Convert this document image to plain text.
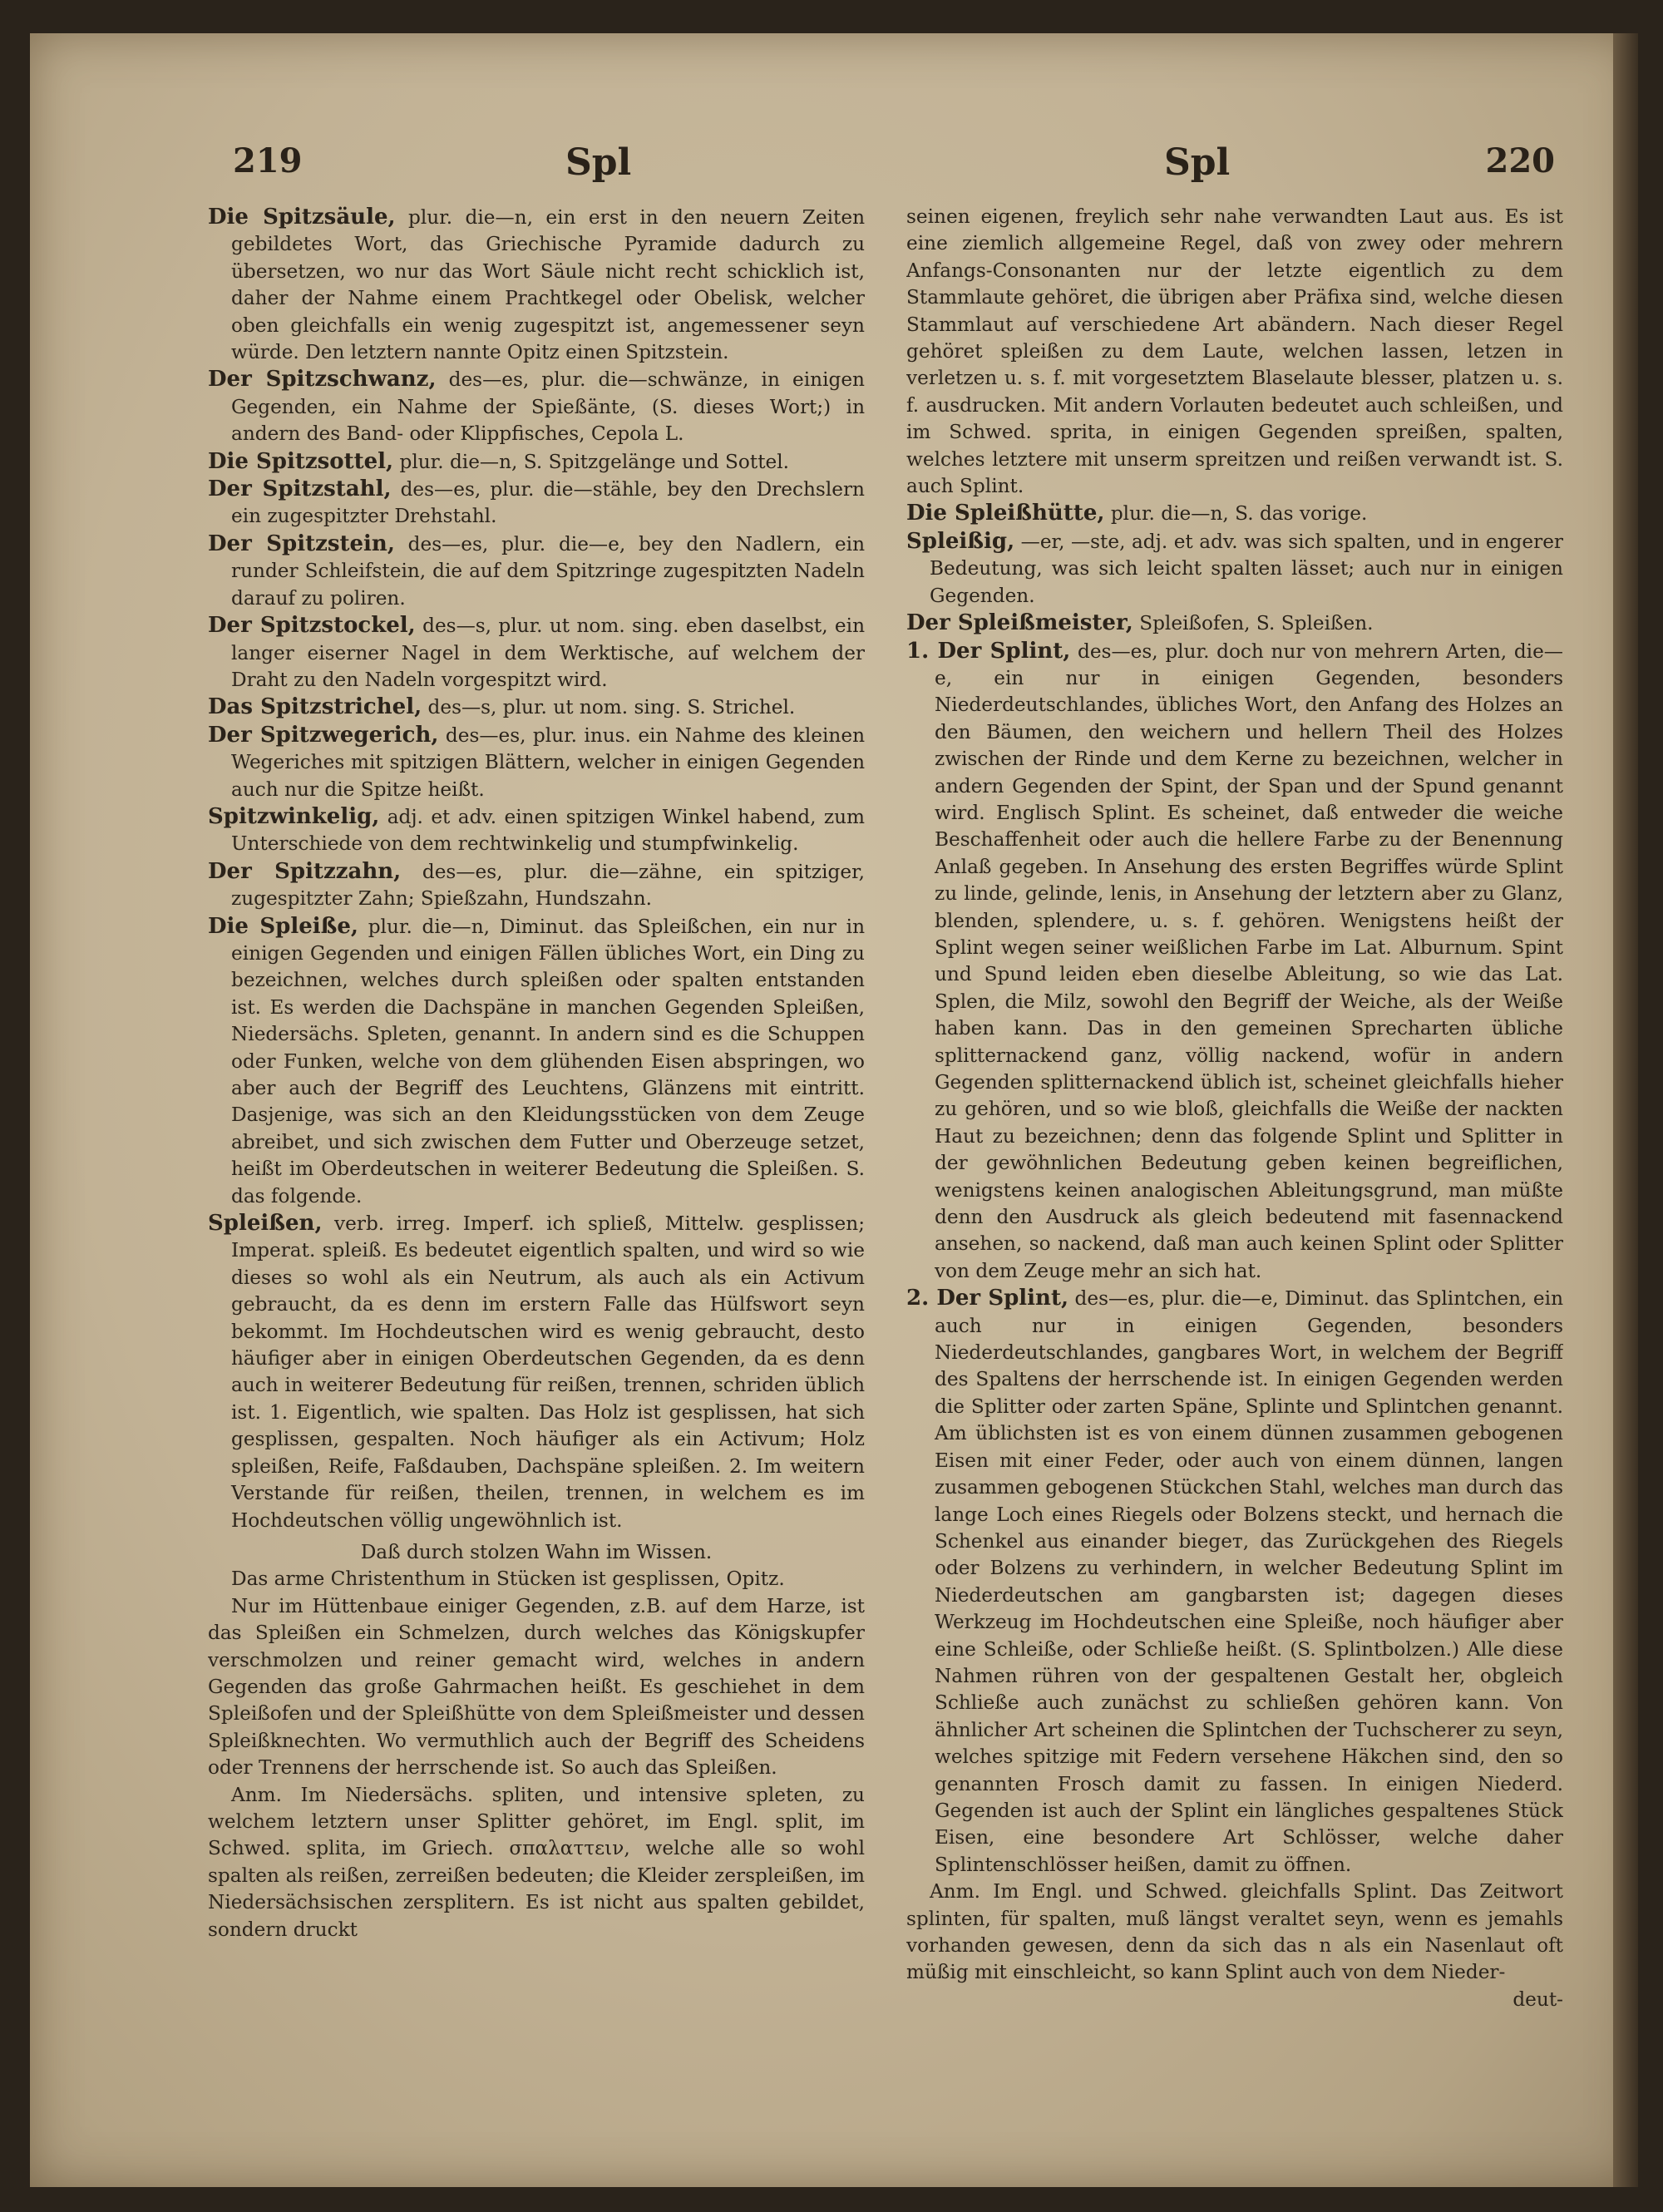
219	Spl	Spl	220

Die Spitzsäule, plur. die—n, ein erst in den neuern Zeiten gebildetes Wort, das Griechische Pyramide dadurch zu übersetzen, wo nur das Wort Säule nicht recht schicklich ist, daher der Nahme einem Prachtkegel oder Obelisk, welcher oben gleichfalls ein wenig zugespitzt ist, angemessener seyn würde. Den letztern nannte Opitz einen Spitzstein.

Der Spitzschwanz, des—es, plur. die—schwänze, in einigen Gegenden, ein Nahme der Spießänte, (S. dieses Wort;) in andern des Band- oder Klippfisches, Cepola L.

Die Spitzsottel, plur. die—n, S. Spitzgelänge und Sottel.

Der Spitzstahl, des—es, plur. die—stähle, bey den Drechslern ein zugespitzter Drehstahl.

Der Spitzstein, des—es, plur. die—e, bey den Nadlern, ein runder Schleifstein, die auf dem Spitzringe zugespitzten Nadeln darauf zu poliren.

Der Spitzstockel, des—s, plur. ut nom. sing. eben daselbst, ein langer eiserner Nagel in dem Werktische, auf welchem der Draht zu den Nadeln vorgespitzt wird.

Das Spitzstrichel, des—s, plur. ut nom. sing. S. Strichel.

Der Spitzwegerich, des—es, plur. inus. ein Nahme des kleinen Wegeriches mit spitzigen Blättern, welcher in einigen Gegenden auch nur die Spitze heißt.

Spitzwinkelig, adj. et adv. einen spitzigen Winkel habend, zum Unterschiede von dem rechtwinkelig und stumpfwinkelig.

Der Spitzzahn, des—es, plur. die—zähne, ein spitziger, zugespitzter Zahn; Spießzahn, Hundszahn.

Die Spleiße, plur. die—n, Diminut. das Spleißchen, ein nur in einigen Gegenden und einigen Fällen übliches Wort, ein Ding zu bezeichnen, welches durch spleißen oder spalten entstanden ist. Es werden die Dachspäne in manchen Gegenden Spleißen, Niedersächs. Spleten, genannt. In andern sind es die Schuppen oder Funken, welche von dem glühenden Eisen abspringen, wo aber auch der Begriff des Leuchtens, Glänzens mit eintritt. Dasjenige, was sich an den Kleidungsstücken von dem Zeuge abreibet, und sich zwischen dem Futter und Oberzeuge setzet, heißt im Oberdeutschen in weiterer Bedeutung die Spleißen. S. das folgende.

Spleißen, verb. irreg. Imperf. ich spließ, Mittelw. gesplissen; Imperat. spleiß. Es bedeutet eigentlich spalten, und wird so wie dieses so wohl als ein Neutrum, als auch als ein Activum gebraucht, da es denn im erstern Falle das Hülfswort seyn bekommt. Im Hochdeutschen wird es wenig gebraucht, desto häufiger aber in einigen Oberdeutschen Gegenden, da es denn auch in weiterer Bedeutung für reißen, trennen, schriden üblich ist. 1. Eigentlich, wie spalten. Das Holz ist gesplissen, hat sich gesplissen, gespalten. Noch häufiger als ein Activum; Holz spleißen, Reife, Faßdauben, Dachspäne spleißen. 2. Im weitern Verstande für reißen, theilen, trennen, in welchem es im Hochdeutschen völlig ungewöhnlich ist.

Daß durch stolzen Wahn im Wissen.

Das arme Christenthum in Stücken ist gesplissen, Opitz.

Nur im Hüttenbaue einiger Gegenden, z.B. auf dem Harze, ist das Spleißen ein Schmelzen, durch welches das Königskupfer verschmolzen und reiner gemacht wird, welches in andern Gegenden das große Gahrmachen heißt. Es geschiehet in dem Spleißofen und der Spleißhütte von dem Spleißmeister und dessen Spleißknechten. Wo vermuthlich auch der Begriff des Scheidens oder Trennens der herrschende ist. So auch das Spleißen.

Anm. Im Niedersächs. spliten, und intensive spleten, zu welchem letztern unser Splitter gehöret, im Engl. split, im Schwed. splita, im Griech. σπαλαττειν, welche alle so wohl spalten als reißen, zerreißen bedeuten; die Kleider zerspleißen, im Niedersächsischen zersplitern. Es ist nicht aus spalten gebildet, sondern druckt

seinen eigenen, freylich sehr nahe verwandten Laut aus. Es ist eine ziemlich allgemeine Regel, daß von zwey oder mehrern Anfangs-Consonanten nur der letzte eigentlich zu dem Stammlaute gehöret, die übrigen aber Präfixa sind, welche diesen Stammlaut auf verschiedene Art abändern. Nach dieser Regel gehöret spleißen zu dem Laute, welchen lassen, letzen in verletzen u. s. f. mit vorgesetztem Blaselaute blesser, platzen u. s. f. ausdrucken. Mit andern Vorlauten bedeutet auch schleißen, und im Schwed. sprita, in einigen Gegenden spreißen, spalten, welches letztere mit unserm spreitzen und reißen verwandt ist. S. auch Splint.

Die Spleißhütte, plur. die—n, S. das vorige.

Spleißig, —er, —ste, adj. et adv. was sich spalten, und in engerer Bedeutung, was sich leicht spalten lässet; auch nur in einigen Gegenden.

Der Spleißmeister, Spleißofen, S. Spleißen.

1. Der Splint, des—es, plur. doch nur von mehrern Arten, die—e, ein nur in einigen Gegenden, besonders Niederdeutschlandes, übliches Wort, den Anfang des Holzes an den Bäumen, den weichern und hellern Theil des Holzes zwischen der Rinde und dem Kerne zu bezeichnen, welcher in andern Gegenden der Spint, der Span und der Spund genannt wird. Englisch Splint. Es scheinet, daß entweder die weiche Beschaffenheit oder auch die hellere Farbe zu der Benennung Anlaß gegeben. In Ansehung des ersten Begriffes würde Splint zu linde, gelinde, lenis, in Ansehung der letztern aber zu Glanz, blenden, splendere, u. s. f. gehören. Wenigstens heißt der Splint wegen seiner weißlichen Farbe im Lat. Alburnum. Spint und Spund leiden eben dieselbe Ableitung, so wie das Lat. Splen, die Milz, sowohl den Begriff der Weiche, als der Weiße haben kann. Das in den gemeinen Sprecharten übliche splitternackend ganz, völlig nackend, wofür in andern Gegenden splitternackend üblich ist, scheinet gleichfalls hieher zu gehören, und so wie bloß, gleichfalls die Weiße der nackten Haut zu bezeichnen; denn das folgende Splint und Splitter in der gewöhnlichen Bedeutung geben keinen begreiflichen, wenigstens keinen analogischen Ableitungsgrund, man müßte denn den Ausdruck als gleich bedeutend mit fasennackend ansehen, so nackend, daß man auch keinen Splint oder Splitter von dem Zeuge mehr an sich hat.

2. Der Splint, des—es, plur. die—e, Diminut. das Splintchen, ein auch nur in einigen Gegenden, besonders Niederdeutschlandes, gangbares Wort, in welchem der Begriff des Spaltens der herrschende ist. In einigen Gegenden werden die Splitter oder zarten Späne, Splinte und Splintchen genannt. Am üblichsten ist es von einem dünnen zusammen gebogenen Eisen mit einer Feder, oder auch von einem dünnen, langen zusammen gebogenen Stückchen Stahl, welches man durch das lange Loch eines Riegels oder Bolzens steckt, und hernach die Schenkel aus einander biegет, das Zurückgehen des Riegels oder Bolzens zu verhindern, in welcher Bedeutung Splint im Niederdeutschen am gangbarsten ist; dagegen dieses Werkzeug im Hochdeutschen eine Spleiße, noch häufiger aber eine Schleiße, oder Schließe heißt. (S. Splintbolzen.) Alle diese Nahmen rühren von der gespaltenen Gestalt her, obgleich Schließe auch zunächst zu schließen gehören kann. Von ähnlicher Art scheinen die Splintchen der Tuchscherer zu seyn, welches spitzige mit Federn versehene Häkchen sind, den so genannten Frosch damit zu fassen. In einigen Niederd. Gegenden ist auch der Splint ein längliches gespaltenes Stück Eisen, eine besondere Art Schlösser, welche daher Splintenschlösser heißen, damit zu öffnen.

Anm. Im Engl. und Schwed. gleichfalls Splint. Das Zeitwort splinten, für spalten, muß längst veraltet seyn, wenn es jemahls vorhanden gewesen, denn da sich das n als ein Nasenlaut oft müßig mit einschleicht, so kann Splint auch von dem Nieder-

deut-
